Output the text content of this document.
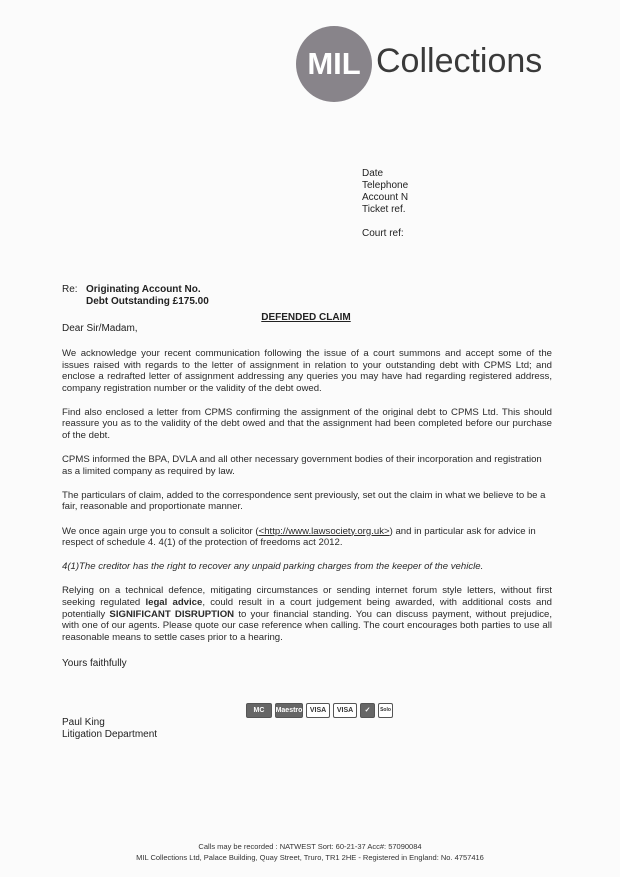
MIL Collections
Date
Telephone
Account N
Ticket ref.
Court ref:
Re: Originating Account No.
Debt Outstanding £175.00
DEFENDED CLAIM
Dear Sir/Madam,

We acknowledge your recent communication following the issue of a court summons and accept some of the issues raised with regards to the letter of assignment in relation to your outstanding debt with CPMS Ltd; and enclose a redrafted letter of assignment addressing any queries you may have had regarding registered address, company registration number or the validity of the debt owed.

Find also enclosed a letter from CPMS confirming the assignment of the original debt to CPMS Ltd. This should reassure you as to the validity of the debt owed and that the assignment had been completed before our purchase of the debt.

CPMS informed the BPA, DVLA and all other necessary government bodies of their incorporation and registration as a limited company as required by law.

The particulars of claim, added to the correspondence sent previously, set out the claim in what we believe to be a fair, reasonable and proportionate manner.

We once again urge you to consult a solicitor (<http://www.lawsociety.org.uk>) and in particular ask for advice in respect of schedule 4. 4(1) of the protection of freedoms act 2012.

4(1)The creditor has the right to recover any unpaid parking charges from the keeper of the vehicle.

Relying on a technical defence, mitigating circumstances or sending internet forum style letters, without first seeking regulated legal advice, could result in a court judgement being awarded, with additional costs and potentially SIGNIFICANT DISRUPTION to your financial standing. You can discuss payment, without prejudice, with one of our agents. Please quote our case reference when calling. The court encourages both parties to use all reasonable means to settle cases prior to a hearing.

Yours faithfully
MC	Maestro	VISA	VISA	✓	Solo
Paul King
Litigation Department
Calls may be recorded : NATWEST Sort: 60-21-37 Acc#: 57090084
MIL Collections Ltd, Palace Building, Quay Street, Truro, TR1 2HE - Registered in England: No. 4757416
